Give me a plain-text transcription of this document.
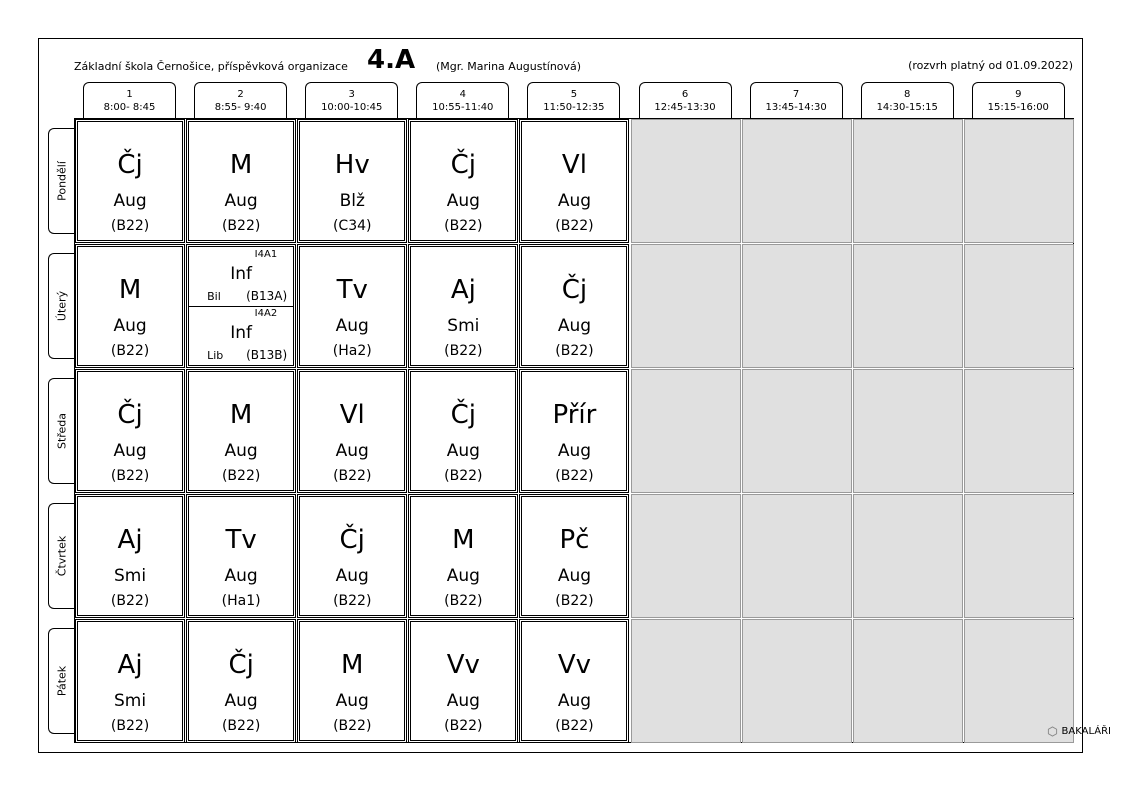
Základní škola Černošice, příspěvková organizace 4.A (Mgr. Marina Augustínová)	(rozvrh platný od 01.09.2022)
1
8:00- 8:45
2
8:55- 9:40
3
10:00-10:45
4
10:55-11:40
5
11:50-12:35
6
12:45-13:30
7
13:45-14:30
8
14:30-15:15
9
15:15-16:00
Pondělí
Úterý
Středa
Čtvrtek
Pátek
Čj
Aug
(B22)
M
Aug
(B22)
Hv
Blž
(C34)
Čj
Aug
(B22)
Vl
Aug
(B22)
M
Aug
(B22)
I4A1
Inf
Bil (B13A)
I4A2
Inf
Lib (B13B)
Tv
Aug
(Ha2)
Aj
Smi
(B22)
Čj
Aug
(B22)
Čj
Aug
(B22)
M
Aug
(B22)
Vl
Aug
(B22)
Čj
Aug
(B22)
Přír
Aug
(B22)
Aj
Smi
(B22)
Tv
Aug
(Ha1)
Čj
Aug
(B22)
M
Aug
(B22)
Pč
Aug
(B22)
Aj
Smi
(B22)
Čj
Aug
(B22)
M
Aug
(B22)
Vv
Aug
(B22)
Vv
Aug
(B22)	BAKALÁŘI
